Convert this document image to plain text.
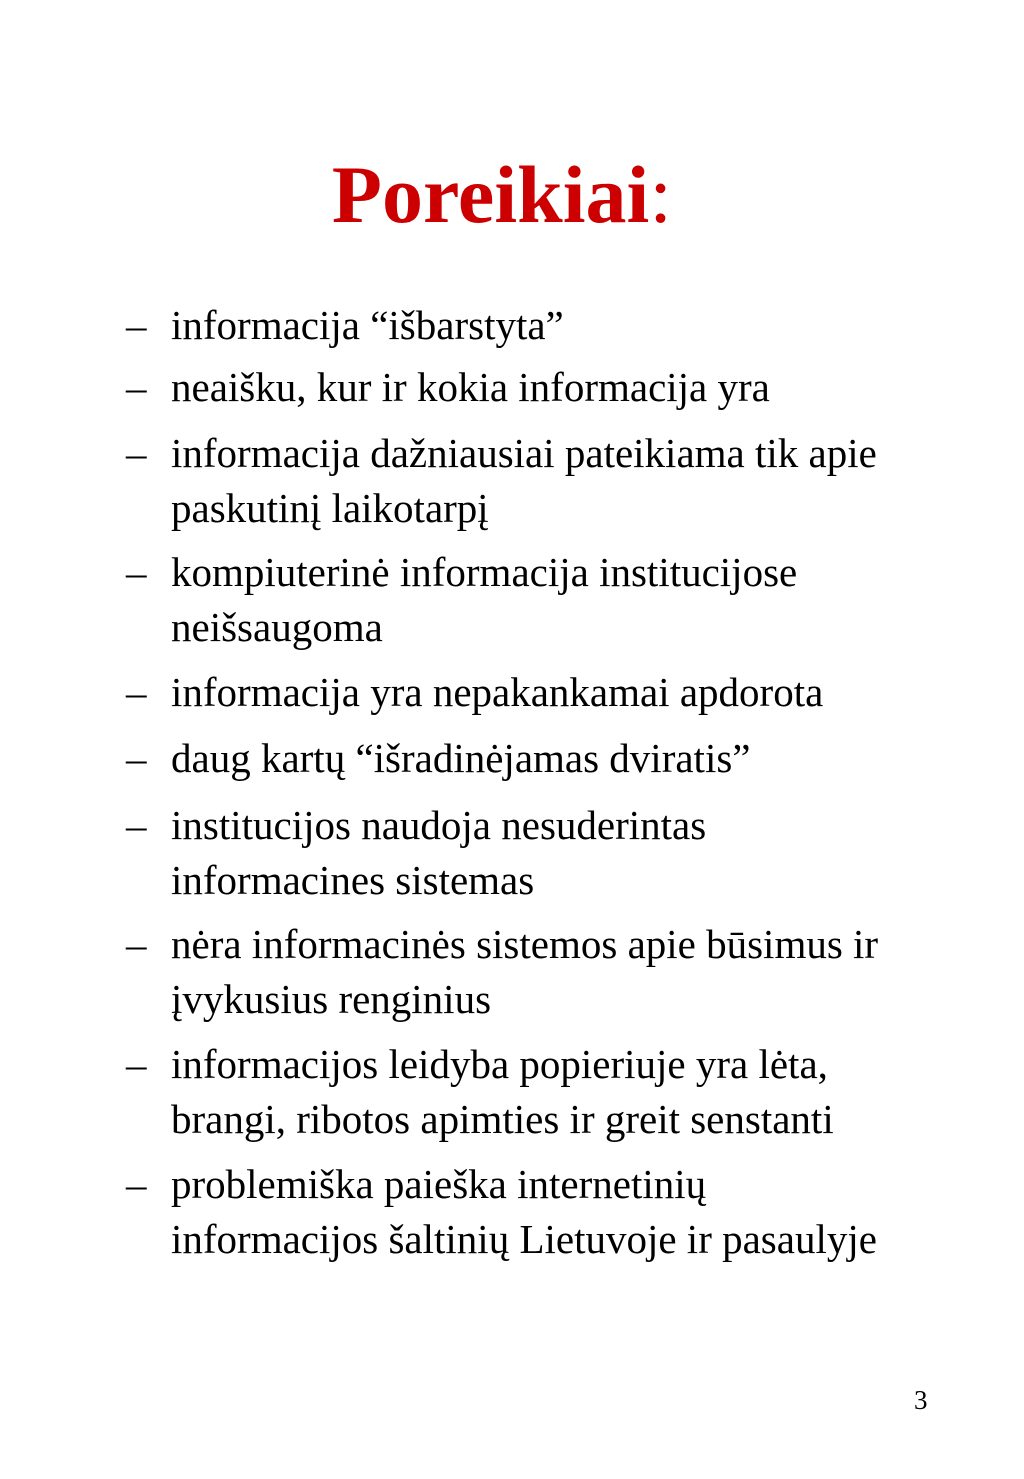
Poreikiai:
– informacija “išbarstyta”
– neaišku, kur ir kokia informacija yra
– informacija dažniausiai pateikiama tik apie
paskutinį laikotarpį
– kompiuterinė informacija institucijose
neišsaugoma
– informacija yra nepakankamai apdorota
– daug kartų “išradinėjamas dviratis”
– institucijos naudoja nesuderintas
informacines sistemas
– nėra informacinės sistemos apie būsimus ir
įvykusius renginius
– informacijos leidyba popieriuje yra lėta,
brangi, ribotos apimties ir greit senstanti
– problemiška paieška internetinių
informacijos šaltinių Lietuvoje ir pasaulyje
3
